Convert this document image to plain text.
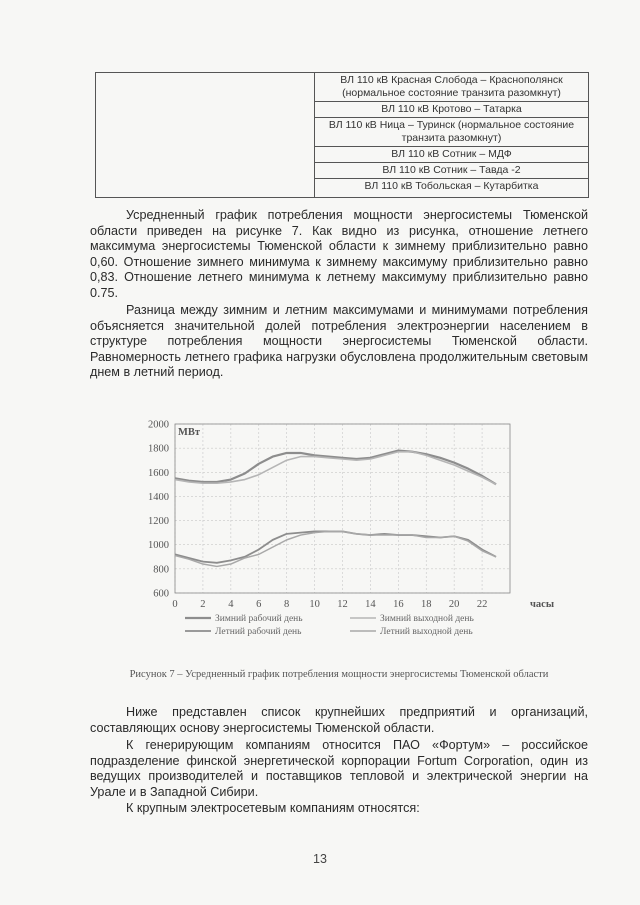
ВЛ 110 кВ Красная Слобода – Краснополянск (нормальное состояние транзита разомкнут)
ВЛ 110 кВ Кротово – Татарка
ВЛ 110 кВ Ница – Туринск (нормальное состояние транзита разомкнут)
ВЛ 110 кВ Сотник – МДФ
ВЛ 110 кВ Сотник – Тавда -2
ВЛ 110 кВ Тобольская – Кутарбитка
Усредненный график потребления мощности энергосистемы Тюменской области приведен на рисунке 7. Как видно из рисунка, отношение летнего максимума энергосистемы Тюменской области к зимнему приблизительно равно 0,60. Отношение зимнего минимума к зимнему максимуму приблизительно равно 0,83. Отношение летнего минимума к летнему максимуму приблизительно равно 0.75.
Разница между зимним и летним максимумами и минимумами потребления объясняется значительной долей потребления электроэнергии населением в структуре потребления мощности энергосистемы Тюменской области. Равномерность летнего графика нагрузки обусловлена продолжительным световым днем в летний период.
600
800
1000
1200
1400
1600
1800
2000
0 2 4 6 8 10 12 14 16 18 20 22
МВт
часы
Зимний рабочий день	Зимний выходной день
Летний рабочий день	Летний выходной день
Рисунок 7 – Усредненный график потребления мощности энергосистемы Тюменской области
Ниже представлен список крупнейших предприятий и организаций, составляющих основу энергосистемы Тюменской области.
К генерирующим компаниям относится ПАО «Фортум» – российское подразделение финской энергетической корпорации Fortum Corporation, один из ведущих производителей и поставщиков тепловой и электрической энергии на Урале и в Западной Сибири.
К крупным электросетевым компаниям относятся:
13
